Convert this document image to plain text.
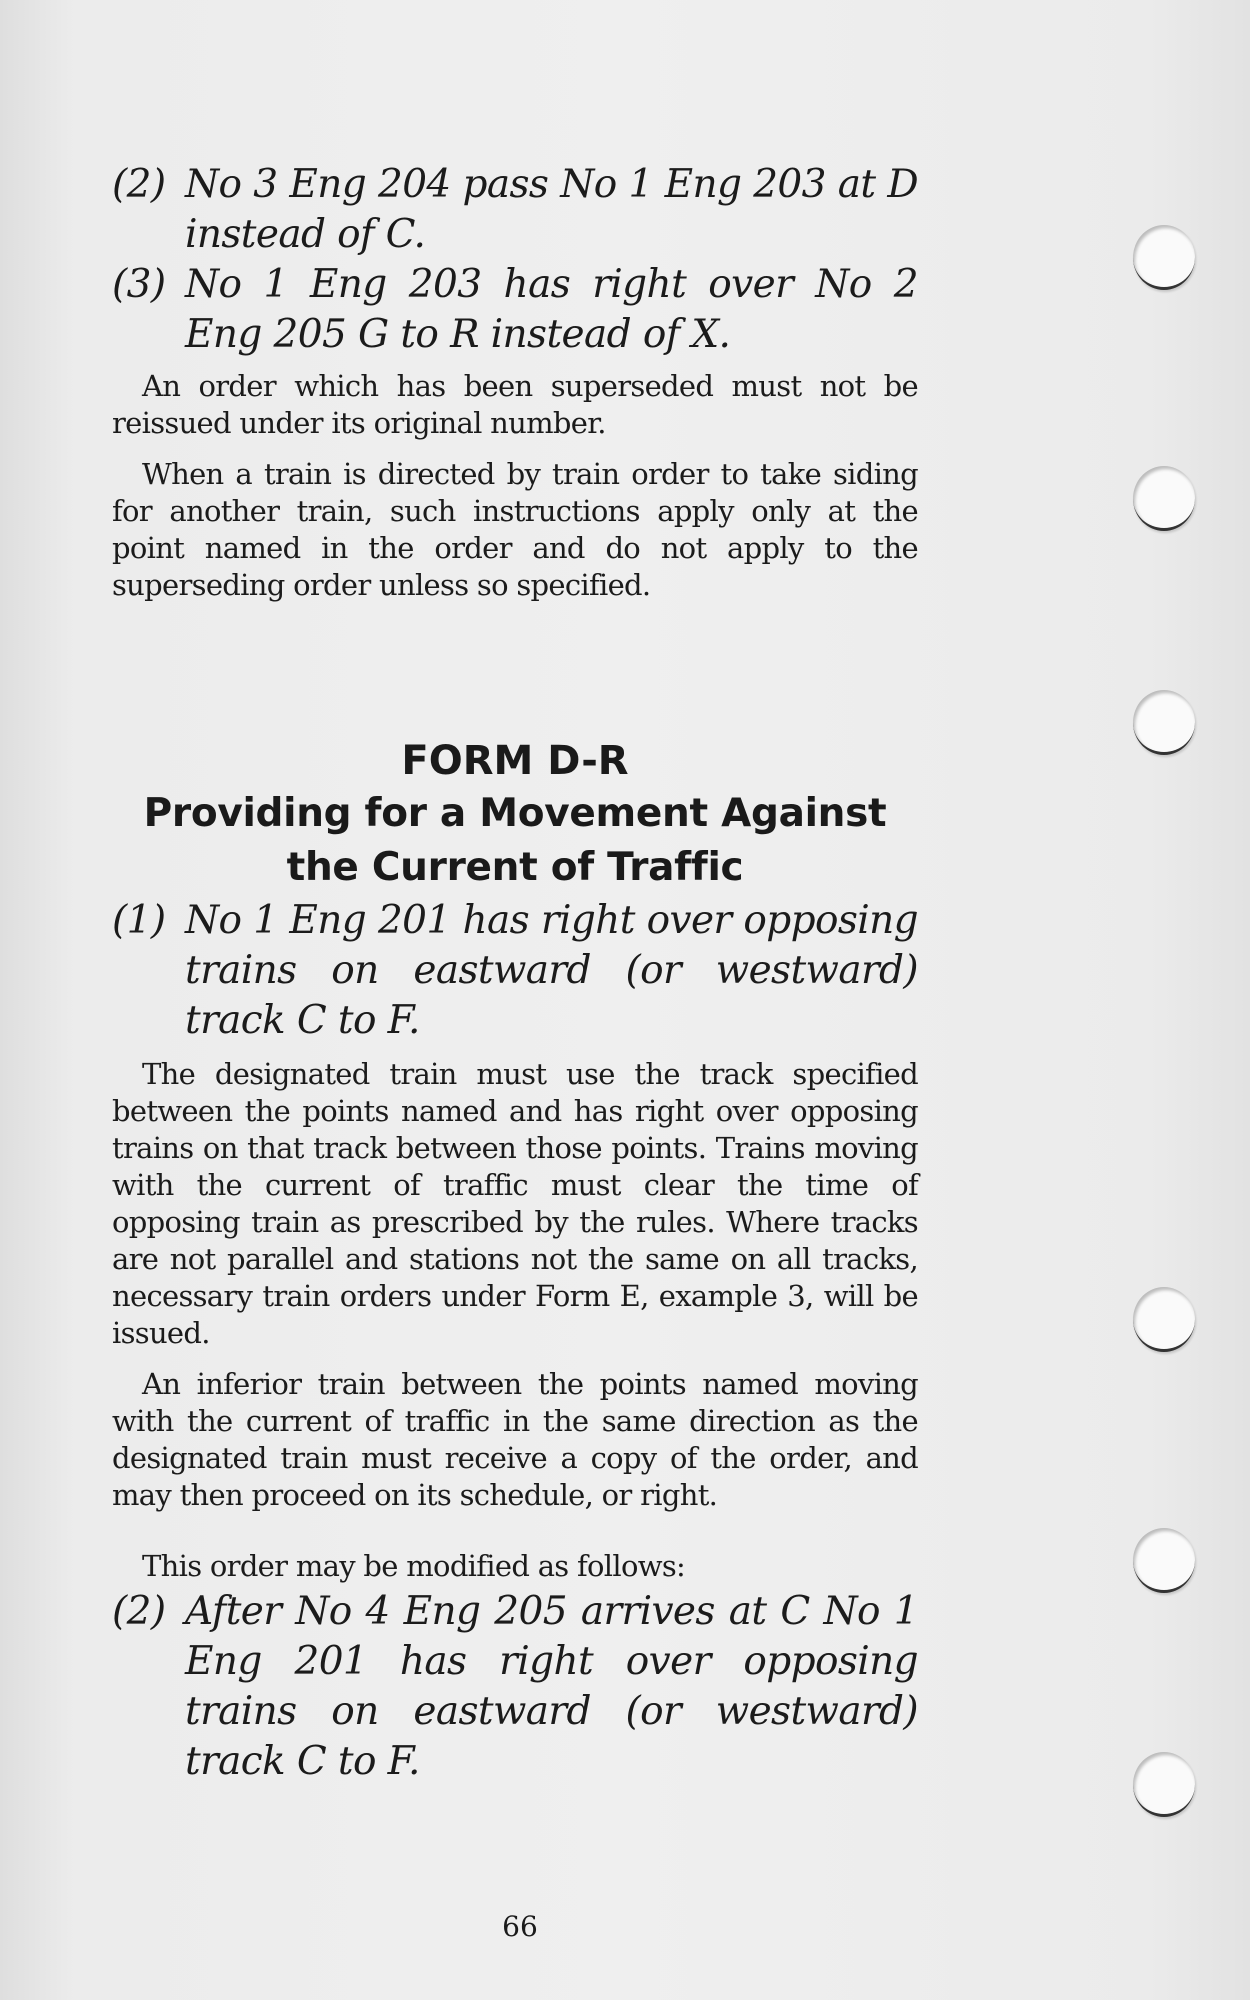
(2) No 3 Eng 204 pass No 1 Eng 203 at D instead of C.

(3) No 1 Eng 203 has right over No 2 Eng 205 G to R instead of X.

An order which has been superseded must not be reissued under its original number.

When a train is directed by train order to take siding for another train, such instructions apply only at the point named in the order and do not apply to the superseding order unless so specified.

FORM D-R
Providing for a Movement Against
the Current of Traffic

(1) No 1 Eng 201 has right over opposing trains on eastward (or westward) track C to F.

The designated train must use the track specified between the points named and has right over opposing trains on that track between those points. Trains moving with the current of traffic must clear the time of opposing train as prescribed by the rules. Where tracks are not parallel and stations not the same on all tracks, necessary train orders under Form E, example 3, will be issued.

An inferior train between the points named moving with the current of traffic in the same direction as the designated train must receive a copy of the order, and may then proceed on its schedule, or right.

This order may be modified as follows:

(2) After No 4 Eng 205 arrives at C No 1 Eng 201 has right over opposing trains on eastward (or westward) track C to F.

66
